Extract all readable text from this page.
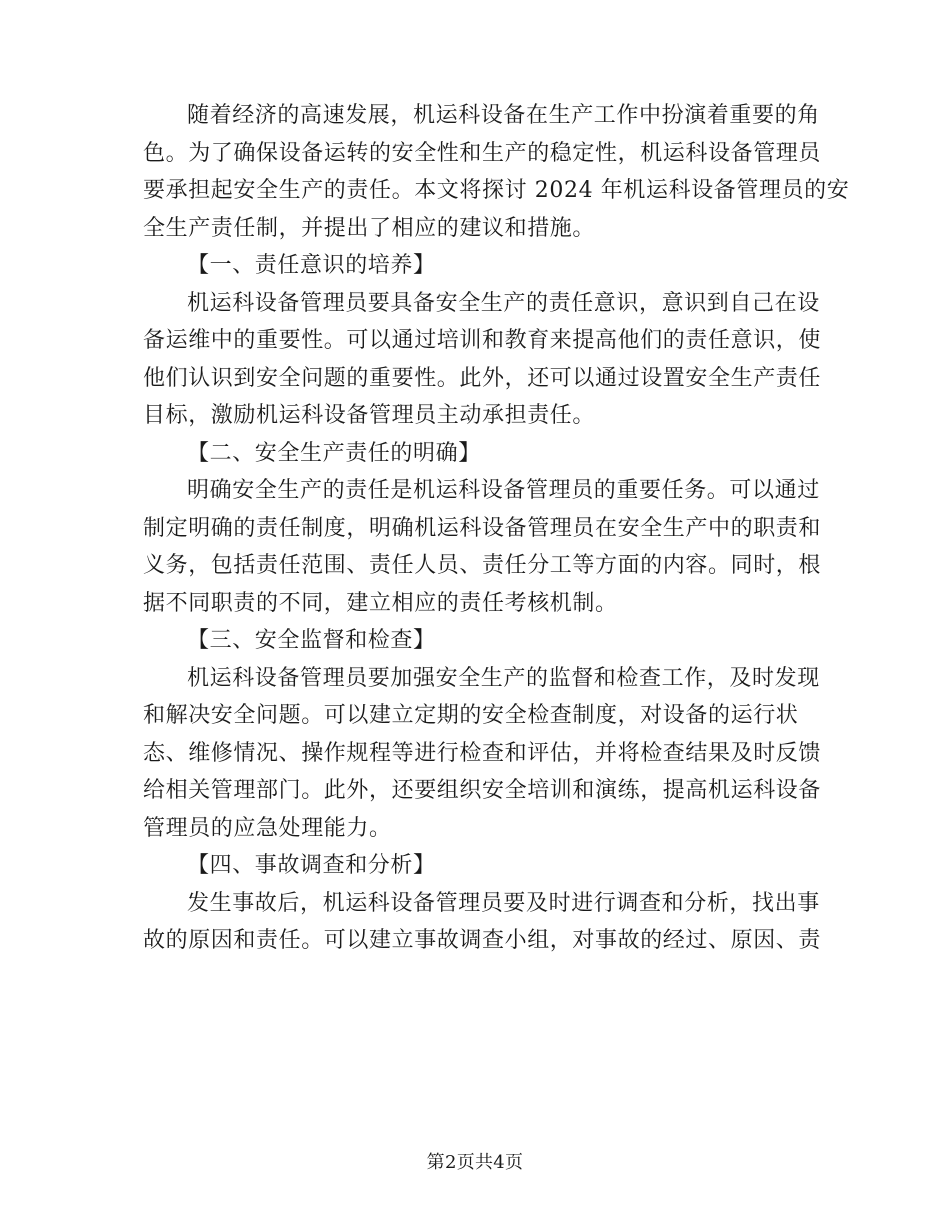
随着经济的高速发展，机运科设备在生产工作中扮演着重要的角
色。为了确保设备运转的安全性和生产的稳定性，机运科设备管理员
要承担起安全生产的责任。本文将探讨 2024 年机运科设备管理员的安
全生产责任制，并提出了相应的建议和措施。
【一、责任意识的培养】
机运科设备管理员要具备安全生产的责任意识，意识到自己在设
备运维中的重要性。可以通过培训和教育来提高他们的责任意识，使
他们认识到安全问题的重要性。此外，还可以通过设置安全生产责任
目标，激励机运科设备管理员主动承担责任。
【二、安全生产责任的明确】
明确安全生产的责任是机运科设备管理员的重要任务。可以通过
制定明确的责任制度，明确机运科设备管理员在安全生产中的职责和
义务，包括责任范围、责任人员、责任分工等方面的内容。同时，根
据不同职责的不同，建立相应的责任考核机制。
【三、安全监督和检查】
机运科设备管理员要加强安全生产的监督和检查工作，及时发现
和解决安全问题。可以建立定期的安全检查制度，对设备的运行状
态、维修情况、操作规程等进行检查和评估，并将检查结果及时反馈
给相关管理部门。此外，还要组织安全培训和演练，提高机运科设备
管理员的应急处理能力。
【四、事故调查和分析】
发生事故后，机运科设备管理员要及时进行调查和分析，找出事
故的原因和责任。可以建立事故调查小组，对事故的经过、原因、责
第2页共4页
